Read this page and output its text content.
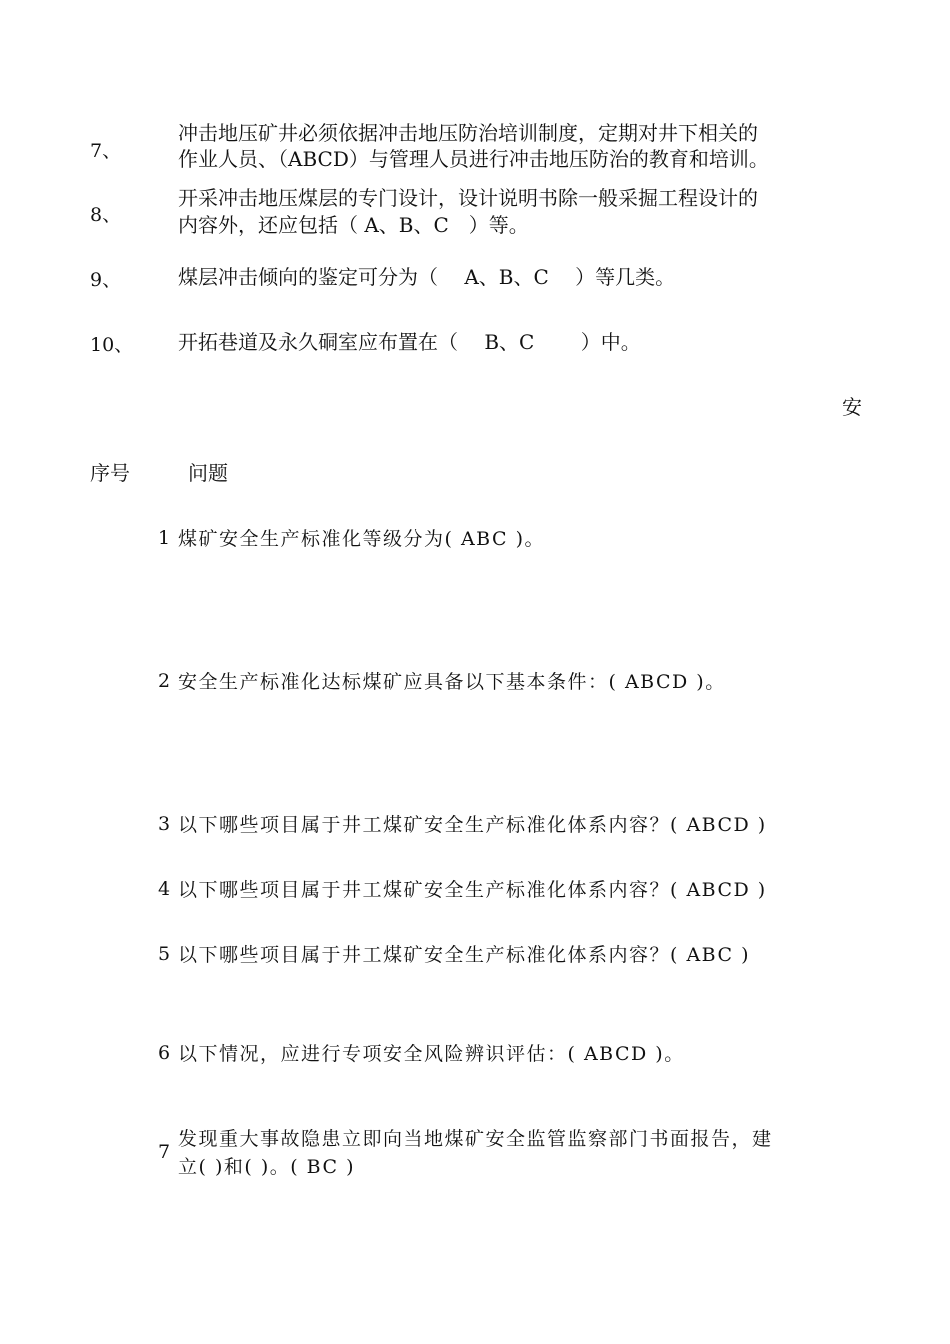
7、
冲击地压矿井必须依据冲击地压防治培训制度，定期对井下相关的
作业人员、（ABCD）与管理人员进行冲击地压防治的教育和培训。
8、
开采冲击地压煤层的专门设计，设计说明书除一般采掘工程设计的
内容外，还应包括（ A、B、C　）等。
9、	煤层冲击倾向的鉴定可分为（　 A、B、C　 ）等几类。
10、 开拓巷道及永久硐室应布置在（　 B、C　　 ）中。
安
序号	问题
1 煤矿安全生产标准化等级分为( ABC )。
2 安全生产标准化达标煤矿应具备以下基本条件：( ABCD )。
3 以下哪些项目属于井工煤矿安全生产标准化体系内容？( ABCD )
4 以下哪些项目属于井工煤矿安全生产标准化体系内容？( ABCD )
5 以下哪些项目属于井工煤矿安全生产标准化体系内容？( ABC )
6 以下情况，应进行专项安全风险辨识评估：( ABCD )。
7
发现重大事故隐患立即向当地煤矿安全监管监察部门书面报告，建
立( )和( )。( BC )
